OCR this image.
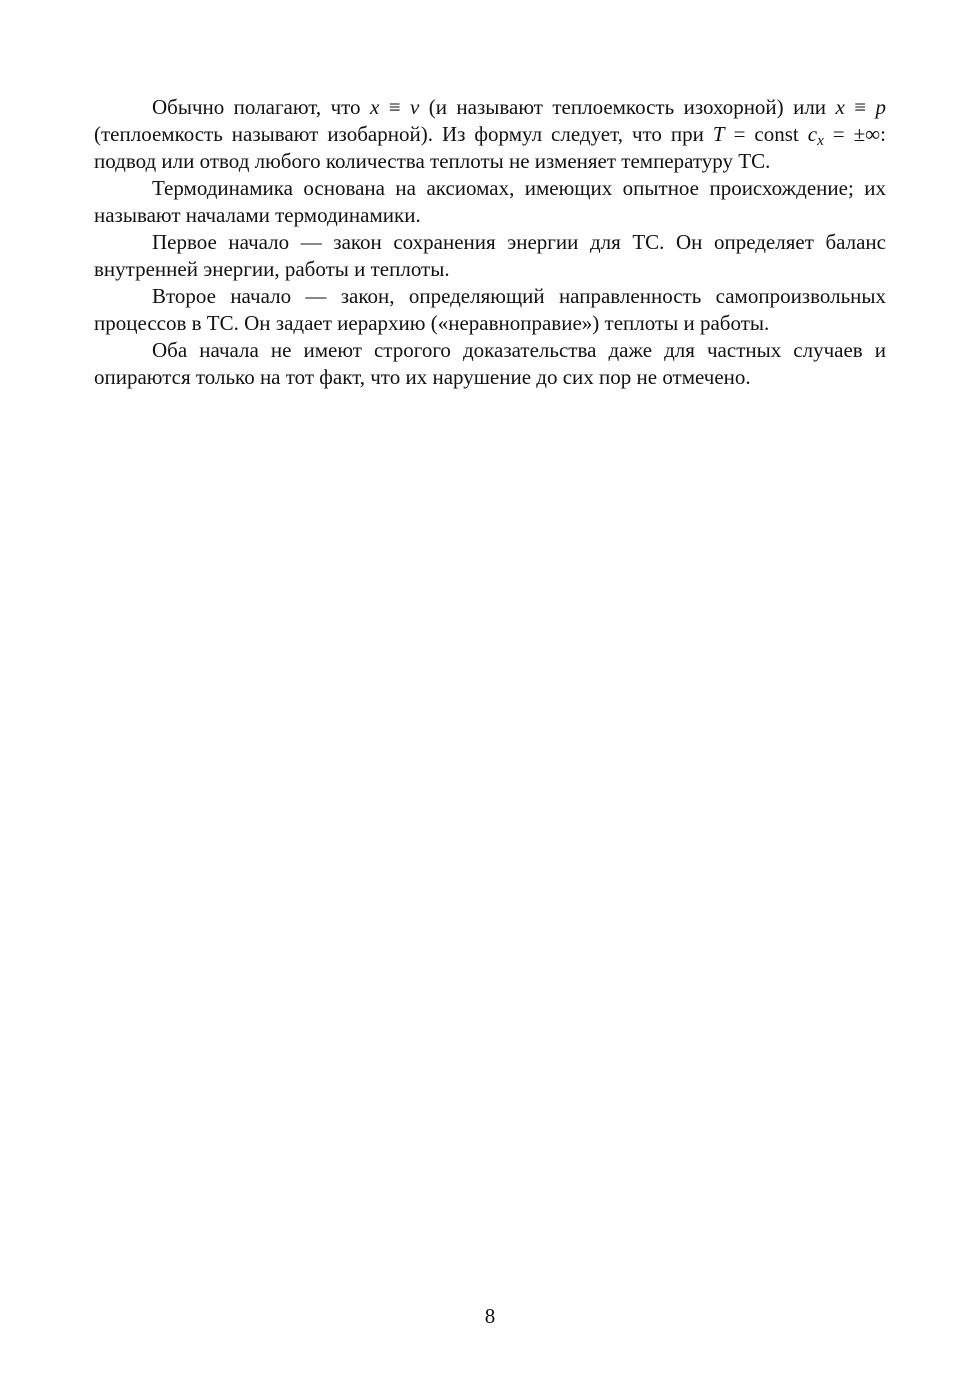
Обычно полагают, что x ≡ v (и называют теплоемкость изохорной) или x ≡ p (теплоемкость называют изобарной). Из формул следует, что при T = const $c_x$ = ±∞: подвод или отвод любого количества теплоты не изменяет температуру ТС.

Термодинамика основана на аксиомах, имеющих опытное происхождение; их называют началами термодинамики.

Первое начало — закон сохранения энергии для ТС. Он определяет баланс внутренней энергии, работы и теплоты.

Второе начало — закон, определяющий направленность самопроизвольных процессов в ТС. Он задает иерархию («неравноправие») теплоты и работы.

Оба начала не имеют строгого доказательства даже для частных случаев и опираются только на тот факт, что их нарушение до сих пор не отмечено.

8
